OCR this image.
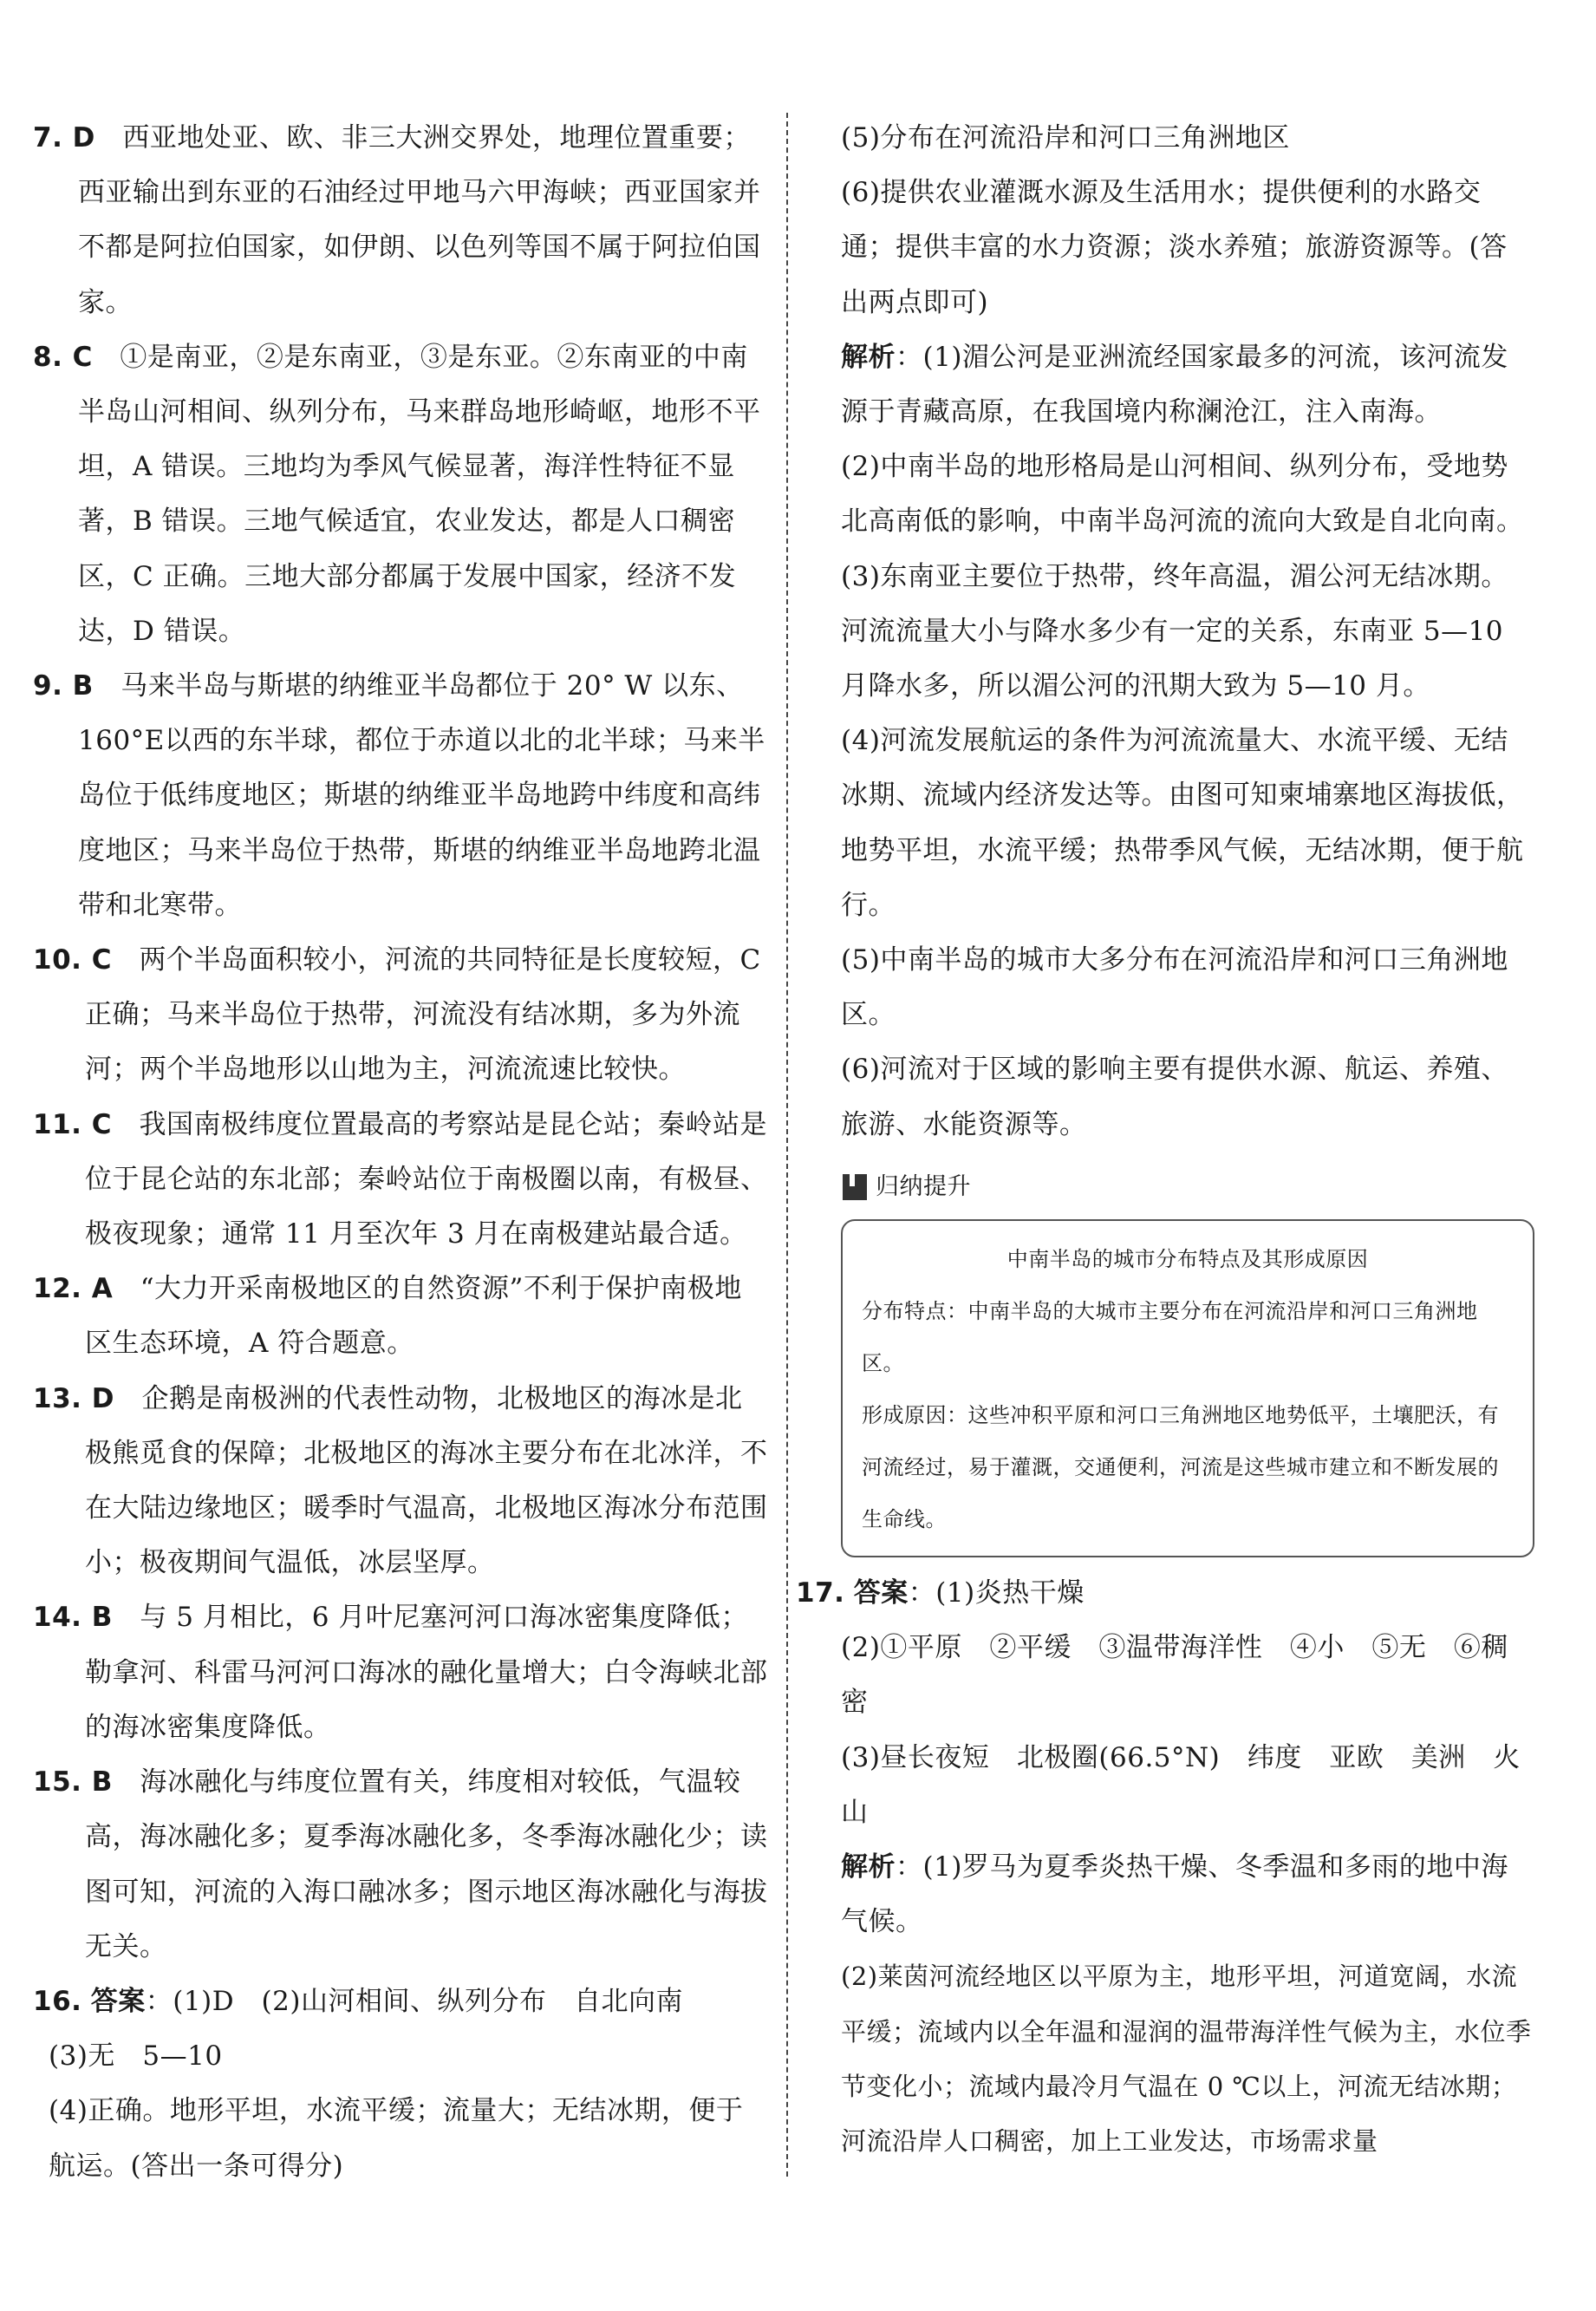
7. D　 西亚地处亚、欧、非三大洲交界处，地理位置重要；西亚输出到东亚的石油经过甲地马六甲海峡；西亚国家并不都是阿拉伯国家，如伊朗、以色列等国不属于阿拉伯国家。

8. C　 ①是南亚，②是东南亚，③是东亚。②东南亚的中南半岛山河相间、纵列分布，马来群岛地形崎岖，地形不平坦，A 错误。三地均为季风气候显著，海洋性特征不显著，B 错误。三地气候适宜，农业发达，都是人口稠密区，C 正确。三地大部分都属于发展中国家，经济不发达，D 错误。

9. B　 马来半岛与斯堪的纳维亚半岛都位于 20° W 以东、160°E以西的东半球，都位于赤道以北的北半球；马来半岛位于低纬度地区；斯堪的纳维亚半岛地跨中纬度和高纬度地区；马来半岛位于热带，斯堪的纳维亚半岛地跨北温带和北寒带。

10. C　 两个半岛面积较小，河流的共同特征是长度较短，C 正确；马来半岛位于热带，河流没有结冰期，多为外流河；两个半岛地形以山地为主，河流流速比较快。

11. C　 我国南极纬度位置最高的考察站是昆仑站；秦岭站是位于昆仑站的东北部；秦岭站位于南极圈以南，有极昼、极夜现象；通常 11 月至次年 3 月在南极建站最合适。

12. A　 “大力开采南极地区的自然资源”不利于保护南极地区生态环境，A 符合题意。

13. D　 企鹅是南极洲的代表性动物，北极地区的海冰是北极熊觅食的保障；北极地区的海冰主要分布在北冰洋，不在大陆边缘地区；暖季时气温高，北极地区海冰分布范围小；极夜期间气温低，冰层坚厚。

14. B　 与 5 月相比，6 月叶尼塞河河口海冰密集度降低；勒拿河、科雷马河河口海冰的融化量增大；白令海峡北部的海冰密集度降低。

15. B　 海冰融化与纬度位置有关，纬度相对较低，气温较高，海冰融化多；夏季海冰融化多，冬季海冰融化少；读图可知，河流的入海口融冰多；图示地区海冰融化与海拔无关。

16. 答案：(1)D　(2)山河相间、纵列分布　自北向南

(3)无　5—10

(4)正确。地形平坦，水流平缓；流量大；无结冰期，便于航运。(答出一条可得分)

(5)分布在河流沿岸和河口三角洲地区

(6)提供农业灌溉水源及生活用水；提供便利的水路交通；提供丰富的水力资源；淡水养殖；旅游资源等。(答出两点即可)

解析：(1)湄公河是亚洲流经国家最多的河流，该河流发源于青藏高原，在我国境内称澜沧江，注入南海。

(2)中南半岛的地形格局是山河相间、纵列分布，受地势北高南低的影响，中南半岛河流的流向大致是自北向南。

(3)东南亚主要位于热带，终年高温，湄公河无结冰期。河流流量大小与降水多少有一定的关系，东南亚 5—10 月降水多，所以湄公河的汛期大致为 5—10 月。

(4)河流发展航运的条件为河流流量大、水流平缓、无结冰期、流域内经济发达等。由图可知柬埔寨地区海拔低，地势平坦，水流平缓；热带季风气候，无结冰期，便于航行。

(5)中南半岛的城市大多分布在河流沿岸和河口三角洲地区。

(6)河流对于区域的影响主要有提供水源、航运、养殖、旅游、水能资源等。

归纳提升
中南半岛的城市分布特点及其形成原因
分布特点：中南半岛的大城市主要分布在河流沿岸和河口三角洲地区。
形成原因：这些冲积平原和河口三角洲地区地势低平，土壤肥沃，有河流经过，易于灌溉，交通便利，河流是这些城市建立和不断发展的生命线。

17. 答案：(1)炎热干燥

(2)①平原　②平缓　③温带海洋性　④小　⑤无　⑥稠密

(3)昼长夜短　北极圈(66.5°N)　纬度　亚欧　美洲　火山

解析：(1)罗马为夏季炎热干燥、冬季温和多雨的地中海气候。

(2)莱茵河流经地区以平原为主，地形平坦，河道宽阔，水流平缓；流域内以全年温和湿润的温带海洋性气候为主，水位季节变化小；流域内最冷月气温在 0 ℃以上，河流无结冰期；河流沿岸人口稠密，加上工业发达，市场需求量
